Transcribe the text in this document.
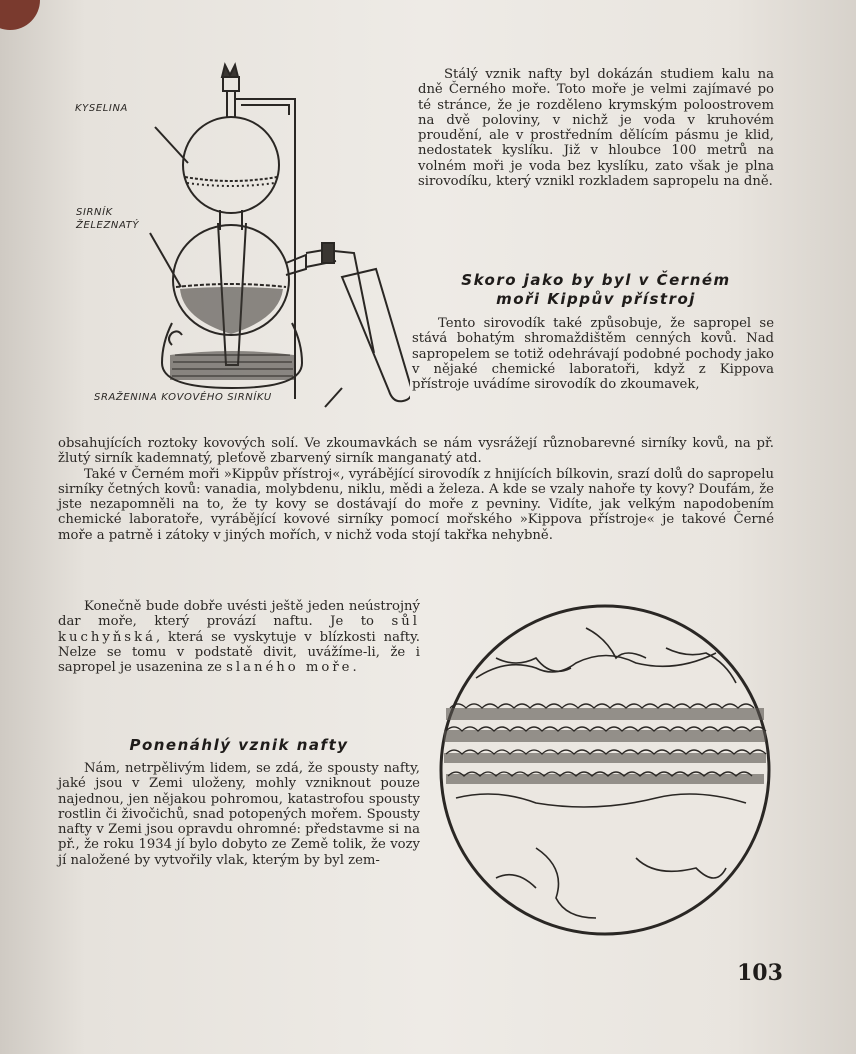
KYSELINA
SIRNÍK
ŽELEZNATÝ
SRAŽENINA KOVOVÉHO SIRNÍKU

Stálý vznik nafty byl dokázán studiem kalu na dně Černého moře. Toto moře je velmi zajímavé po té stránce, že je rozděleno krymským poloostrovem na dvě poloviny, v nichž je voda v kruhovém proudění, ale v prostředním dělícím pásmu je klid, nedostatek kyslíku. Již v hloubce 100 metrů na volném moři je voda bez kyslíku, zato však je plna sirovodíku, který vznikl rozkladem sapropelu na dně.

Skoro jako by byl v Černém
moři Kippův přístroj

Tento sirovodík také způsobuje, že sapropel se stává bohatým shromaždištěm cenných kovů. Nad sapropelem se totiž odehrávají podobné pochody jako v nějaké chemické laboratoři, když z Kippova přístroje uvádíme sirovodík do zkoumavek,

obsahujících roztoky kovových solí. Ve zkoumavkách se nám vysrážejí různobarevné sirníky kovů, na př. žlutý sirník kademnatý, pleťově zbarvený sirník manganatý atd.

Také v Černém moři »Kippův přístroj«, vyrábějící sirovodík z hnijících bílkovin, srazí dolů do sapropelu sirníky četných kovů: vanadia, molybdenu, niklu, mědi a železa. A kde se vzaly nahoře ty kovy? Doufám, že jste nezapomněli na to, že ty kovy se dostávají do moře z pevniny. Vidíte, jak velkým napodobením chemické laboratoře, vyrábějící kovové sirníky pomocí mořského »Kippova přístroje« je takové Černé moře a patrně i zátoky v jiných mořích, v nichž voda stojí takřka nehybně.

Konečně bude dobře uvésti ještě jeden neústrojný dar moře, který provází naftu. Je to sůl kuchyňská, která se vyskytuje v blízkosti nafty. Nelze se tomu v podstatě divit, uvážíme-li, že i sapropel je usazenina ze slaného moře.

Ponenáhlý vznik nafty

Nám, netrpělivým lidem, se zdá, že spousty nafty, jaké jsou v Zemi uloženy, mohly vzniknout pouze najednou, jen nějakou pohromou, katastrofou spousty rostlin či živočichů, snad potopených mořem. Spousty nafty v Zemi jsou opravdu ohromné: představme si na př., že roku 1934 jí bylo dobyto ze Země tolik, že vozy jí naložené by vytvořily vlak, kterým by byl zem-

103
